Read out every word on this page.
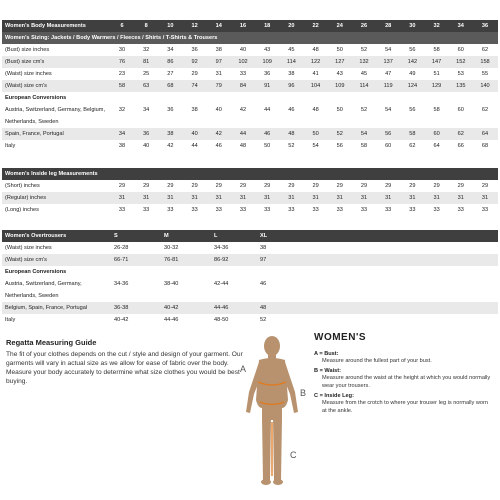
Women's Body Measurements	6	8	10	12	14	16	18	20	22	24	26	28	30	32	34	36
Women's Sizing: Jackets / Body Warmers / Fleeces / Shirts / T-Shirts & Trousers
(Bust) size inches	30	32	34	36	38	40	43	45	48	50	52	54	56	58	60	62
(Bust) size cm's	76	81	86	92	97	102	109	114	122	127	132	137	142	147	152	158
(Waist) size inches	23	25	27	29	31	33	36	38	41	43	45	47	49	51	53	55
(Waist) size cm's	58	63	68	74	79	84	91	96	104	109	114	119	124	129	135	140
European Conversions
Austria, Switzerland, Germany, Belgium,	32	34	36	38	40	42	44	46	48	50	52	54	56	58	60	62
Netherlands, Sweden
Spain, France, Portugal	34	36	38	40	42	44	46	48	50	52	54	56	58	60	62	64
Italy	38	40	42	44	46	48	50	52	54	56	58	60	62	64	66	68
Women's Inside leg Measurements
(Short) inches	29	29	29	29	29	29	29	29	29	29	29	29	29	29	29	29
(Regular) inches	31	31	31	31	31	31	31	31	31	31	31	31	31	31	31	31
(Long) inches	33	33	33	33	33	33	33	33	33	33	33	33	33	33	33	33
Women's Overtrousers	S	M	L	XL
(Waist) size inches	26-28	30-32	34-36	38
(Waist) size cm's	66-71	76-81	86-92	97
European Conversions
Austria, Switzerland, Germany,	34-36	38-40	42-44	46
Netherlands, Sweden
Belgium, Spain, France, Portugal	36-38	40-42	44-46	48
Italy	40-42	44-46	48-50	52
Regatta Measuring Guide

The fit of your clothes depends on the cut / style and design of your garment. Our garments will vary in actual size as we allow for ease of fabric over the body. Measure your body accurately to determine what size clothes you would be best buying.

A
B
C
WOMEN'S
A = Bust:
Measure around the fullest part of your bust.
B = Waist:
Measure around the waist at the height at which you would normally wear your trousers.
C = Inside Leg:
Measure from the crotch to where your trouser leg is normally worn at the ankle.
